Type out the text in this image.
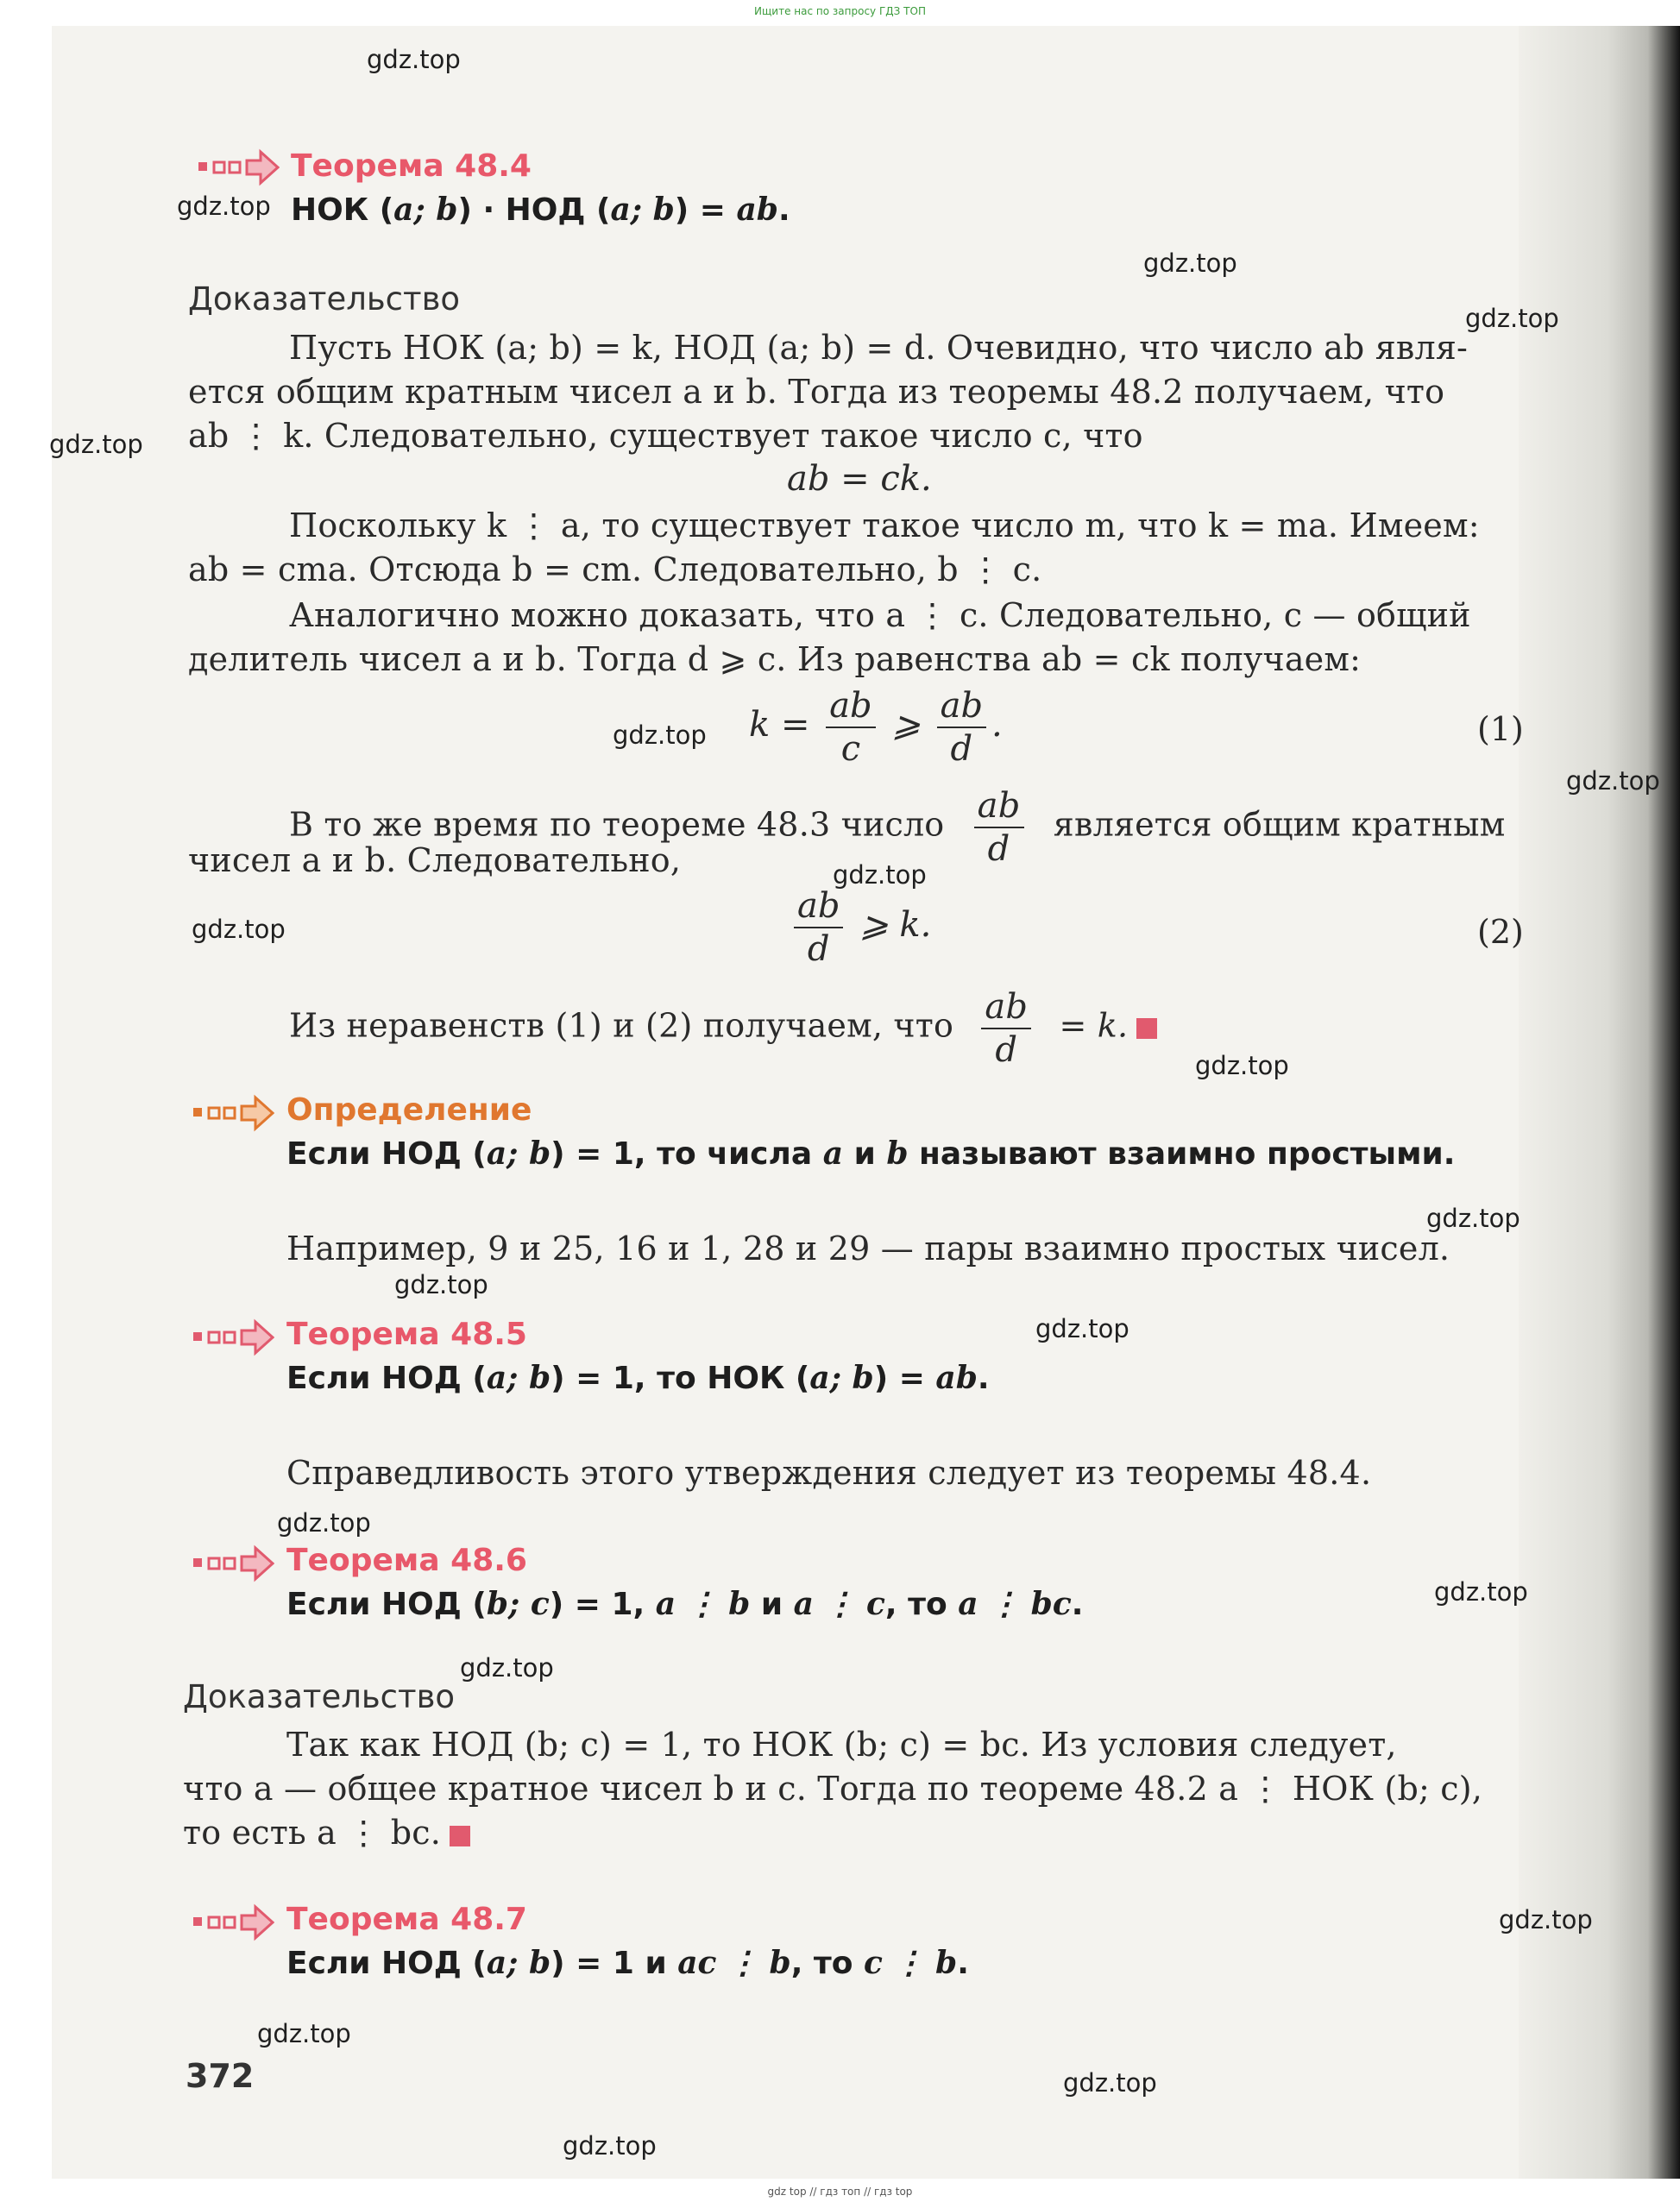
Ищите нас по запросу ГДЗ ТОП
gdz.top
gdz.top
gdz.top
gdz.top
gdz.top
gdz.top
gdz.top
gdz.top
gdz.top
gdz.top
gdz.top
gdz.top
gdz.top
gdz.top
gdz.top
gdz.top
gdz.top
gdz.top
gdz.top
gdz.top
Теорема 48.4
НОК (a; b) · НОД (a; b) = ab.
Доказательство
Пусть НОК (a; b) = k, НОД (a; b) = d. Очевидно, что число ab явля-
ется общим кратным чисел a и b. Тогда из теоремы 48.2 получаем, что
ab ⋮ k. Следовательно, существует такое число c, что
ab = ck.
Поскольку k ⋮ a, то существует такое число m, что k = ma. Имеем:
ab = cma. Отсюда b = cm. Следовательно, b ⋮ c.
Аналогично можно доказать, что a ⋮ c. Следовательно, c — общий
делитель чисел a и b. Тогда d ⩾ c. Из равенства ab = ck получаем:
$k = \frac{ab}{c}$ ⩾ $\frac{ab}{d}$ .	(1)
В то же время по теореме 48.3 число $\frac{ab}{d}$ является общим кратным
чисел a и b. Следовательно,
$\frac{ab}{d}$ ⩾ k.	(2)
Из неравенств (1) и (2) получаем, что $\frac{ab}{d} = k$.
Определение
Если НОД (a; b) = 1, то числа a и b называют взаимно простыми.
Например, 9 и 25, 16 и 1, 28 и 29 — пары взаимно простых чисел.
Теорема 48.5
Если НОД (a; b) = 1, то НОК (a; b) = ab.
Справедливость этого утверждения следует из теоремы 48.4.
Теорема 48.6
Если НОД (b; c) = 1, a ⋮ b и a ⋮ c, то a ⋮ bc.
Доказательство
Так как НОД (b; c) = 1, то НОК (b; c) = bc. Из условия следует,
что a — общее кратное чисел b и c. Тогда по теореме 48.2 a ⋮ НОК (b; c),
то есть a ⋮ bc.
Теорема 48.7
Если НОД (a; b) = 1 и ac ⋮ b, то c ⋮ b.
372
gdz top // гдз топ // гдз top
